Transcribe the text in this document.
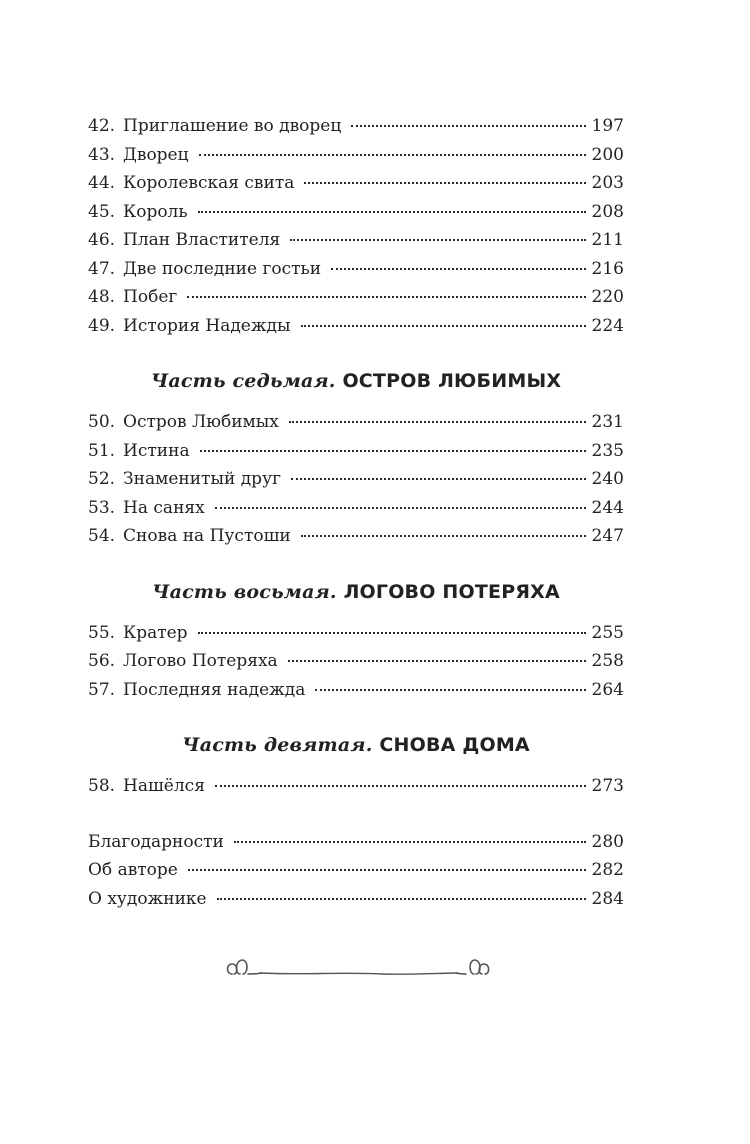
42. Приглашение во дворец	197
43. Дворец	200
44. Королевская свита	203
45. Король	208
46. План Властителя	211
47. Две последние гостьи	216
48. Побег	220
49. История Надежды	224
Часть седьмая. ОСТРОВ ЛЮБИМЫХ
50. Остров Любимых	231
51. Истина	235
52. Знаменитый друг	240
53. На санях	244
54. Снова на Пустоши	247
Часть восьмая. ЛОГОВО ПОТЕРЯХА
55. Кратер	255
56. Логово Потеряха	258
57. Последняя надежда	264
Часть девятая. СНОВА ДОМА
58. Нашёлся	273
Благодарности	280
Об авторе	282
О художнике	284
